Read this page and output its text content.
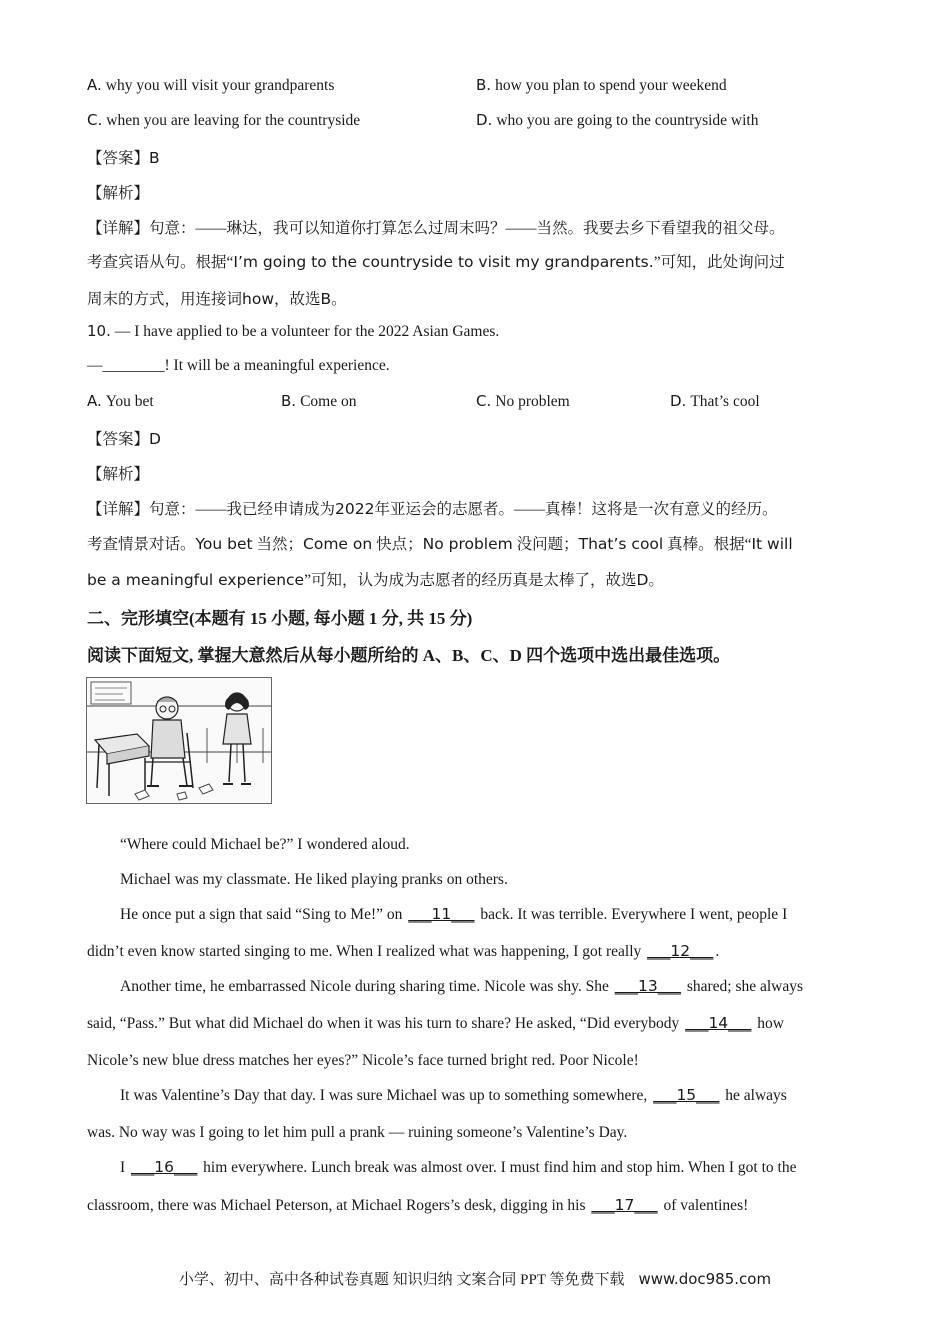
A. why you will visit your grandparents	B. how you plan to spend your weekend
C. when you are leaving for the countryside	D. who you are going to the countryside with
【答案】B
【解析】
【详解】句意：——琳达，我可以知道你打算怎么过周末吗？——当然。我要去乡下看望我的祖父母。
考查宾语从句。根据“I’m going to the countryside to visit my grandparents.”可知，此处询问过
周末的方式，用连接词how，故选B。
10. — I have applied to be a volunteer for the 2022 Asian Games.
—________! It will be a meaningful experience.
A. You bet	B. Come on	C. No problem	D. That’s cool
【答案】D
【解析】
【详解】句意：——我已经申请成为2022年亚运会的志愿者。——真棒！这将是一次有意义的经历。
考查情景对话。You bet 当然；Come on 快点；No problem 没问题；That’s cool 真棒。根据“It will
be a meaningful experience”可知，认为成为志愿者的经历真是太棒了，故选D。
二、完形填空(本题有 15 小题, 每小题 1 分, 共 15 分)
阅读下面短文, 掌握大意然后从每小题所给的 A、B、C、D 四个选项中选出最佳选项。
“Where could Michael be?” I wondered aloud.
Michael was my classmate. He liked playing pranks on others.
He once put a sign that said “Sing to Me!” on ___11___ back. It was terrible. Everywhere I went, people I
didn’t even know started singing to me. When I realized what was happening, I got really ___12___ .
Another time, he embarrassed Nicole during sharing time. Nicole was shy. She ___13___ shared; she always
said, “Pass.” But what did Michael do when it was his turn to share? He asked, “Did everybody ___14___ how
Nicole’s new blue dress matches her eyes?” Nicole’s face turned bright red. Poor Nicole!
It was Valentine’s Day that day. I was sure Michael was up to something somewhere, ___15___ he always
was. No way was I going to let him pull a prank — ruining someone’s Valentine’s Day.
I ___16___ him everywhere. Lunch break was almost over. I must find him and stop him. When I got to the
classroom, there was Michael Peterson, at Michael Rogers’s desk, digging in his ___17___ of valentines!
小学、初中、高中各种试卷真题 知识归纳 文案合同 PPT 等免费下载 www.doc985.com
